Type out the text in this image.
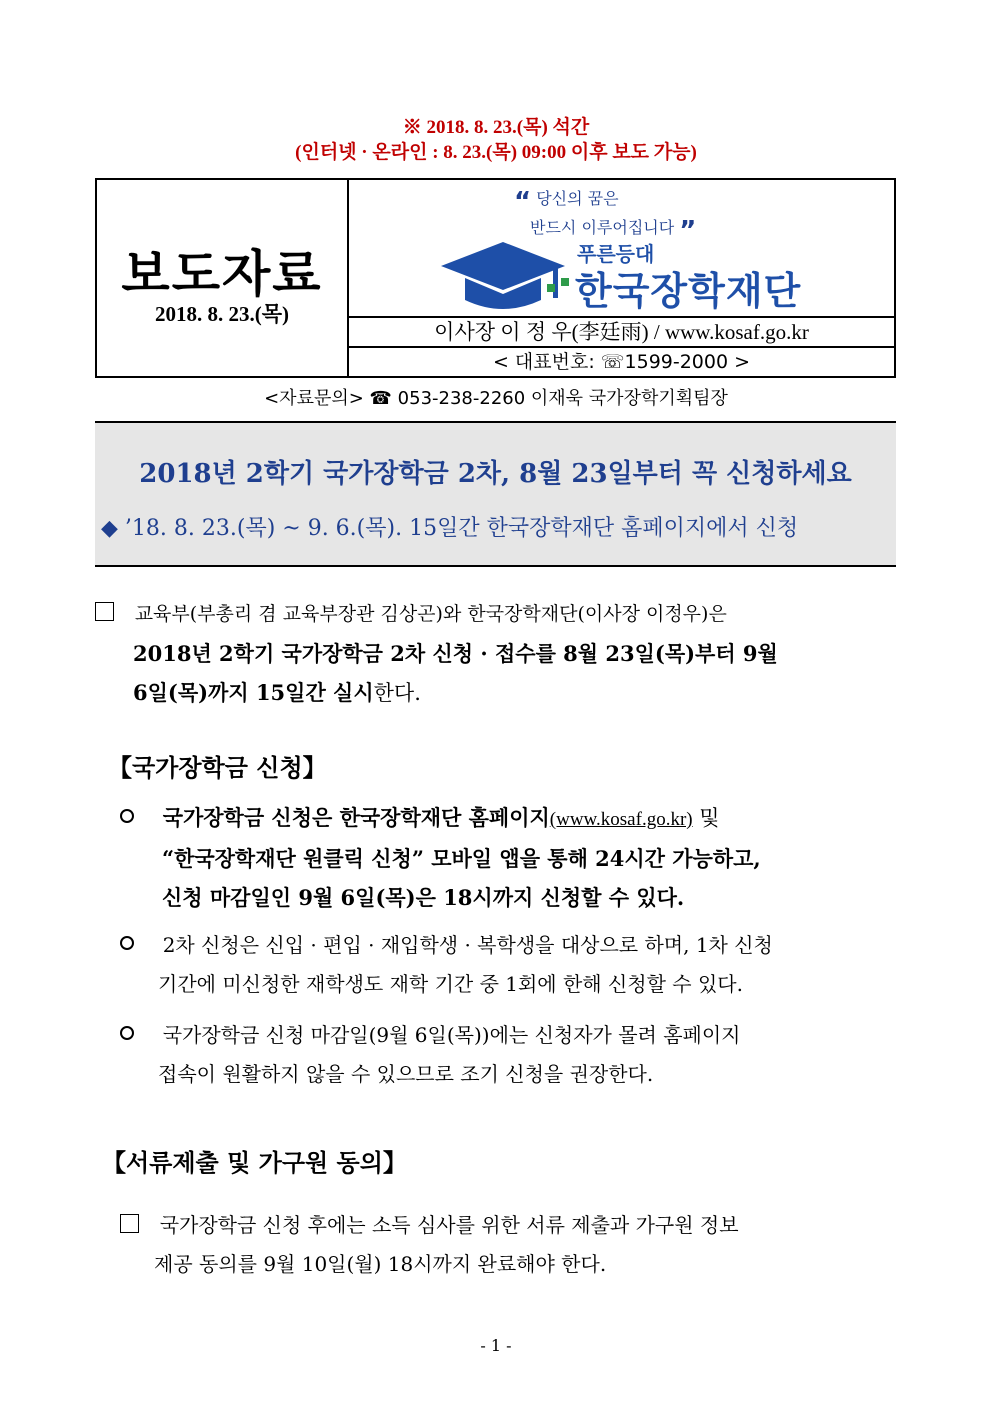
※ 2018. 8. 23.(목) 석간
(인터넷 · 온라인 : 8. 23.(목) 09:00 이후 보도 가능)
보도자료
2018. 8. 23.(목)
“ 당신의 꿈은
반드시 이루어집니다 ”
푸른등대
한국장학재단
이사장 이 정 우(李廷雨) / www.kosaf.go.kr
< 대표번호: ☏1599-2000 >
<자료문의> ☎ 053-238-2260 이재욱 국가장학기획팀장
2018년 2학기 국가장학금 2차, 8월 23일부터 꼭 신청하세요
◆ ’18. 8. 23.(목) ~ 9. 6.(목). 15일간 한국장학재단 홈페이지에서 신청
교육부(부총리 겸 교육부장관 김상곤)와 한국장학재단(이사장 이정우)은
2018년 2학기 국가장학금 2차 신청 · 접수를 8월 23일(목)부터 9월
6일(목)까지 15일간 실시한다.
【국가장학금 신청】
국가장학금 신청은 한국장학재단 홈페이지(www.kosaf.go.kr) 및
“한국장학재단 원클릭 신청” 모바일 앱을 통해 24시간 가능하고,
신청 마감일인 9월 6일(목)은 18시까지 신청할 수 있다.
2차 신청은 신입 · 편입 · 재입학생 · 복학생을 대상으로 하며, 1차 신청
기간에 미신청한 재학생도 재학 기간 중 1회에 한해 신청할 수 있다.
국가장학금 신청 마감일(9월 6일(목))에는 신청자가 몰려 홈페이지
접속이 원활하지 않을 수 있으므로 조기 신청을 권장한다.
【서류제출 및 가구원 동의】
국가장학금 신청 후에는 소득 심사를 위한 서류 제출과 가구원 정보
제공 동의를 9월 10일(월) 18시까지 완료해야 한다.
- 1 -
